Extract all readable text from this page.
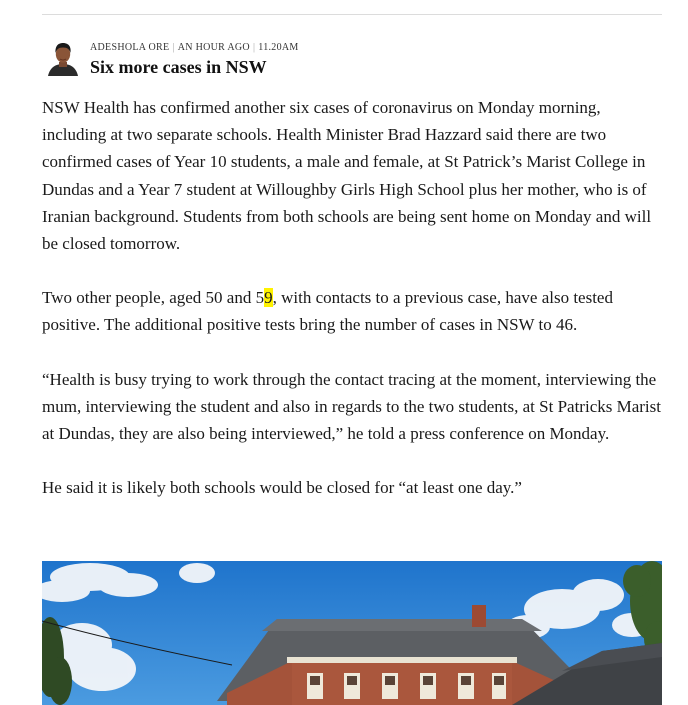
ADESHOLA ORE | AN HOUR AGO | 11.20AM
Six more cases in NSW

NSW Health has confirmed another six cases of coronavirus on Monday morning, including at two separate schools. Health Minister Brad Hazzard said there are two confirmed cases of Year 10 students, a male and female, at St Patrick’s Marist College in Dundas and a Year 7 student at Willoughby Girls High School plus her mother, who is of Iranian background. Students from both schools are being sent home on Monday and will be closed tomorrow.

Two other people, aged 50 and 59, with contacts to a previous case, have also tested positive. The additional positive tests bring the number of cases in NSW to 46.

“Health is busy trying to work through the contact tracing at the moment, interviewing the mum, interviewing the student and also in regards to the two students, at St Patricks Marist at Dundas, they are also being interviewed,” he told a press conference on Monday.

He said it is likely both schools would be closed for “at least one day.”
